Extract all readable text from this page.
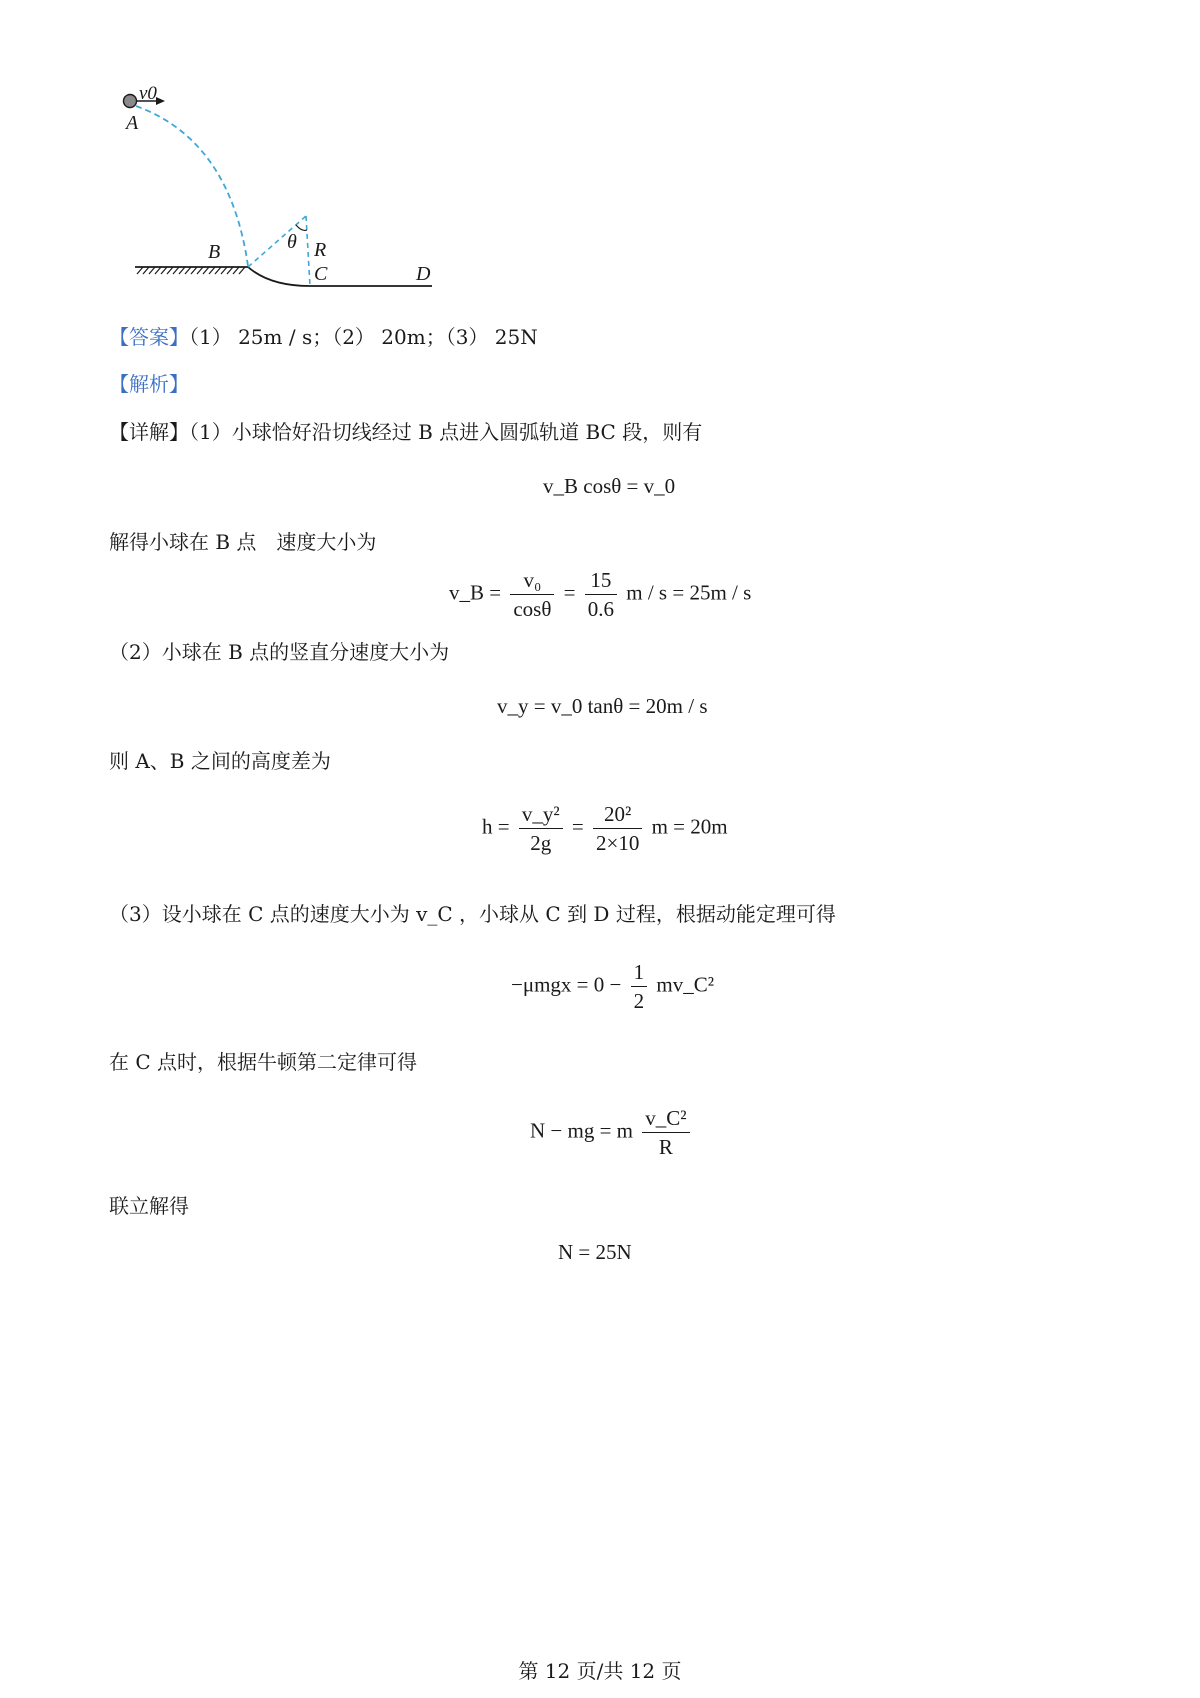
v0
A
B	θ R
C	D
【答案】（1） 25m / s；（2） 20m；（3） 25N
【解析】
【详解】（1）小球恰好沿切线经过 B 点进入圆弧轨道 BC 段，则有
v_B cosθ = v_0
解得小球在 B 点　速度大小为
v_B = $\frac{\text{v₀}}{\cos\theta} = \frac{15}{0.6}$ m / s = 25m / s
（2）小球在 B 点的竖直分速度大小为
v_y = v_0 tanθ = 20m / s
则 A、B 之间的高度差为
$h = \frac{\text{v\_y²}}{2g} = \frac{\text{20²}}{2\times 10}$ m = 20m
（3）设小球在 C 点的速度大小为 v_C ，小球从 C 到 D 过程，根据动能定理可得
$-\mu mgx = 0 - \frac{1}{2}$ mv_C²
在 C 点时，根据牛顿第二定律可得
N − mg = m $\frac{\text{v\_C²}}{R}$
联立解得
N = 25N
第 12 页/共 12 页
